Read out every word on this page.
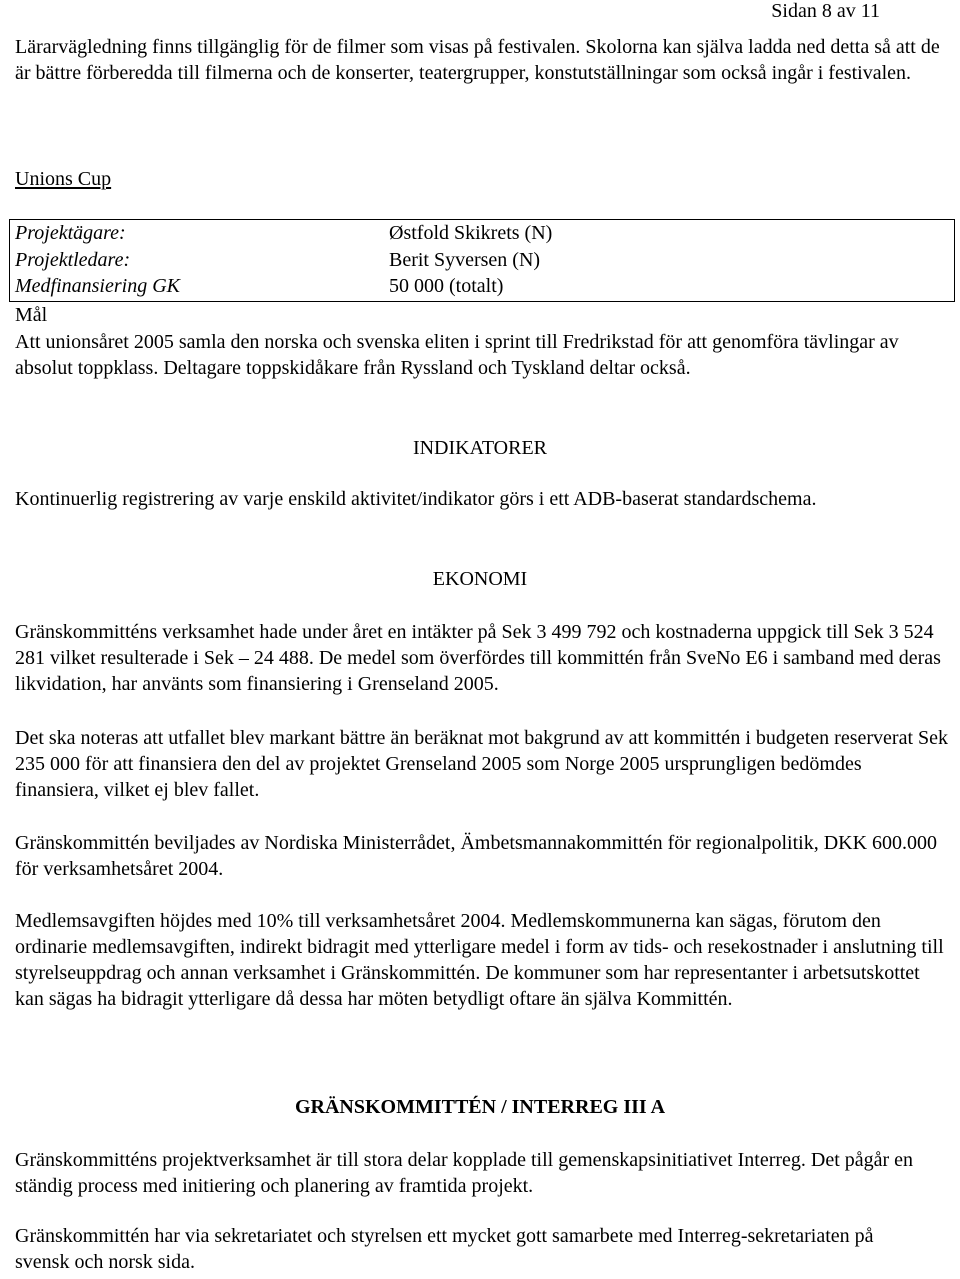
Sidan 8 av 11

Lärarvägledning finns tillgänglig för de filmer som visas på festivalen. Skolorna kan själva ladda ned detta så att de är bättre förberedda till filmerna och de konserter, teatergrupper, konstutställningar som också ingår i festivalen.

Unions Cup
Projektägare:	Østfold Skikrets (N)
Projektledare:	Berit Syversen (N)
Medfinansiering GK	50 000 (totalt)
Mål

Att unionsåret 2005 samla den norska och svenska eliten i sprint till Fredrikstad för att genomföra tävlingar av absolut toppklass. Deltagare toppskidåkare från Ryssland och Tyskland deltar också.

INDIKATORER

Kontinuerlig registrering av varje enskild aktivitet/indikator görs i ett ADB-baserat standardschema.

EKONOMI

Gränskommitténs verksamhet hade under året en intäkter på Sek 3 499 792 och kostnaderna uppgick till Sek 3 524 281 vilket resulterade i Sek – 24 488. De medel som överfördes till kommittén från SveNo E6 i samband med deras likvidation, har använts som finansiering i Grenseland 2005.

Det ska noteras att utfallet blev markant bättre än beräknat mot bakgrund av att kommittén i budgeten reserverat Sek 235 000 för att finansiera den del av projektet Grenseland 2005 som Norge 2005 ursprungligen bedömdes finansiera, vilket ej blev fallet.

Gränskommittén beviljades av Nordiska Ministerrådet, Ämbetsmannakommittén för regionalpolitik, DKK 600.000 för verksamhetsåret 2004.

Medlemsavgiften höjdes med 10% till verksamhetsåret 2004. Medlemskommunerna kan sägas, förutom den ordinarie medlemsavgiften, indirekt bidragit med ytterligare medel i form av tids- och resekostnader i anslutning till styrelseuppdrag och annan verksamhet i Gränskommittén. De kommuner som har representanter i arbetsutskottet kan sägas ha bidragit ytterligare då dessa har möten betydligt oftare än själva Kommittén.

GRÄNSKOMMITTÉN / INTERREG III A

Gränskommitténs projektverksamhet är till stora delar kopplade till gemenskapsinitiativet Interreg. Det pågår en ständig process med initiering och planering av framtida projekt.

Gränskommittén har via sekretariatet och styrelsen ett mycket gott samarbete med Interreg-sekretariaten på svensk och norsk sida.
